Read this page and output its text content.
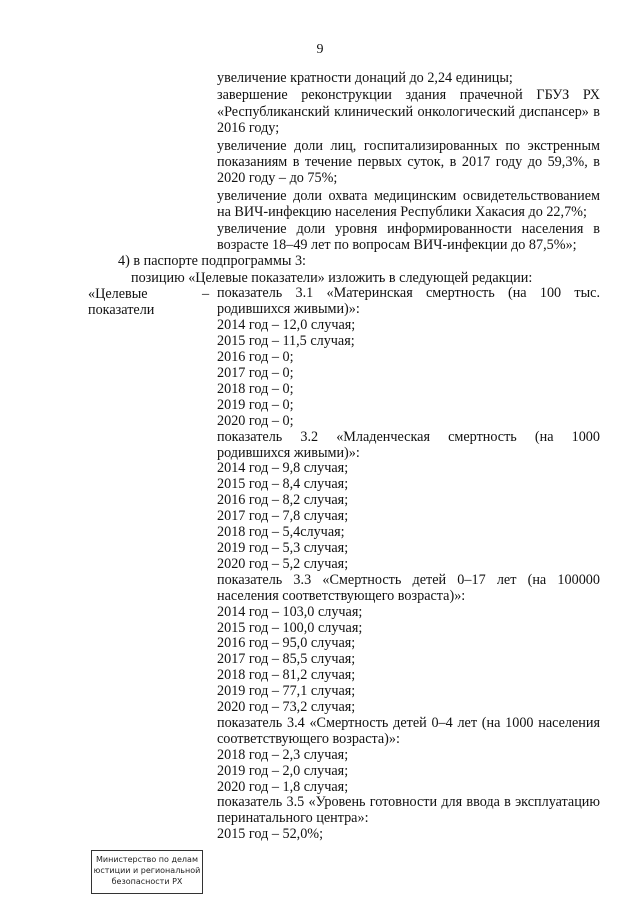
9
увеличение кратности донаций до 2,24 единицы;
завершение реконструкции здания прачечной ГБУЗ РХ «Республиканский клинический онкологический диспансер» в 2016 году;
увеличение доли лиц, госпитализированных по экстренным показаниям в течение первых суток, в 2017 году до 59,3%, в 2020 году – до 75%;
увеличение доли охвата медицинским освидетельствованием на ВИЧ-инфекцию населения Республики Хакасия до 22,7%;
увеличение доли уровня информированности населения в возрасте 18–49 лет по вопросам ВИЧ-инфекции до 87,5%»;
4) в паспорте подпрограммы 3:
позицию «Целевые показатели» изложить в следующей редакции:
«Целевые показатели
– показатель 3.1 «Материнская смертность (на 100 тыс. родившихся живыми)»:
2014 год – 12,0 случая;
2015 год – 11,5 случая;
2016 год – 0;
2017 год – 0;
2018 год – 0;
2019 год – 0;
2020 год – 0;
показатель 3.2 «Младенческая смертность (на 1000 родившихся живыми)»:
2014 год – 9,8 случая;
2015 год – 8,4 случая;
2016 год – 8,2 случая;
2017 год – 7,8 случая;
2018 год – 5,4случая;
2019 год – 5,3 случая;
2020 год – 5,2 случая;
показатель 3.3 «Смертность детей 0–17 лет (на 100000 населения соответствующего возраста)»:
2014 год – 103,0 случая;
2015 год – 100,0 случая;
2016 год – 95,0 случая;
2017 год – 85,5 случая;
2018 год – 81,2 случая;
2019 год – 77,1 случая;
2020 год – 73,2 случая;
показатель 3.4 «Смертность детей 0–4 лет (на 1000 населения соответствующего возраста)»:
2018 год – 2,3 случая;
2019 год – 2,0 случая;
2020 год – 1,8 случая;
показатель 3.5 «Уровень готовности для ввода в эксплуатацию перинатального центра»:
2015 год – 52,0%;
Министерство по делам
юстиции и региональной
безопасности РХ
